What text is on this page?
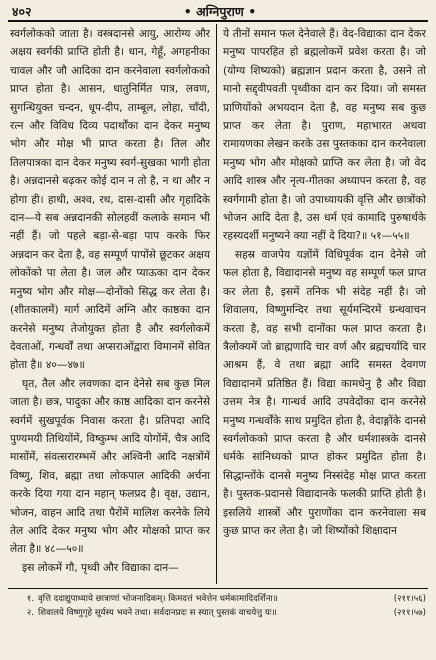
४०२	• अग्निपुराण •

स्वर्गलोकको जाता है। वस्त्रदानसे आयु, आरोग्य और अक्षय स्वर्गकी प्राप्ति होती है। धान, गेहूँ, अगहनीका चावल और जौ आदिका दान करनेवाला स्वर्गलोकको प्राप्त होता है। आसन, धातुनिर्मित पात्र, लवण, सुगन्धियुक्त चन्दन, धूप-दीप, ताम्बूल, लोहा, चाँदी, रत्न और विविध दिव्य पदार्थोंका दान देकर मनुष्य भोग और मोक्ष भी प्राप्त करता है। तिल और तिलपात्रका दान देकर मनुष्य स्वर्ग-सुखका भागी होता है। अन्नदानसे बढ़कर कोई दान न तो है, न था और न होगा ही। हाथी, अश्व, रथ, दास-दासी और गृहादिके दान—ये सब अन्नदानकी सोलहवीं कलाके समान भी नहीं हैं। जो पहले बड़ा-से-बड़ा पाप करके फिर अन्नदान कर देता है, वह सम्पूर्ण पापोंसे छूटकर अक्षय लोकोंको पा लेता है। जल और प्याऊका दान देकर मनुष्य भोग और मोक्ष—दोनोंको सिद्ध कर लेता है। (शीतकालमें) मार्ग आदिमें अग्नि और काष्ठका दान करनेसे मनुष्य तेजोयुक्त होता है और स्वर्गलोकमें देवताओं, गन्धर्वों तथा अप्सराओंद्वारा विमानमें सेवित होता है॥ ४०—४७॥

घृत, तैल और लवणका दान देनेसे सब कुछ मिल जाता है। छत्र, पादुका और काष्ठ आदिका दान करनेसे स्वर्गमें सुखपूर्वक निवास करता है। प्रतिपदा आदि पुण्यमयी तिथियोंमें, विष्कुम्भ आदि योगोंमें, चैत्र आदि मासोंमें, संवत्सरारम्भमें और अश्विनी आदि नक्षत्रोंमें विष्णु, शिव, ब्रह्मा तथा लोकपाल आदिकी अर्चना करके दिया गया दान महान् फलप्रद है। वृक्ष, उद्यान, भोजन, वाहन आदि तथा पैरोंमें मालिश करनेके लिये तेल आदि देकर मनुष्य भोग और मोक्षको प्राप्त कर लेता है॥ ४८—५०॥

इस लोकमें गौ, पृथ्वी और विद्याका दान—

ये तीनों समान फल देनेवाले हैं। वेद-विद्याका दान देकर मनुष्य पापरहित हो ब्रह्मलोकमें प्रवेश करता है। जो (योग्य शिष्यको) ब्रह्मज्ञान प्रदान करता है, उसने तो मानो सद्द्वीपवती पृथ्वीका दान कर दिया। जो समस्त प्राणियोंको अभयदान देता है, वह मनुष्य सब कुछ प्राप्त कर लेता है। पुराण, महाभारत अथवा रामायणका लेखन करके उस पुस्तकका दान करनेवाला मनुष्य भोग और मोक्षको प्राप्ति कर लेता है। जो वेद आदि शास्त्र और नृत्य-गीतका अध्यापन करता है, वह स्वर्गगामी होता है। जो उपाध्यायकी वृत्ति और छात्रोंको भोजन आदि देता है, उस धर्म एवं कामादि पुरुषार्थके रहस्यदर्शी मनुष्यने क्या नहीं दे दिया?॥ ५१—५५॥

सहस्र वाजपेय यज्ञोंमें विधिपूर्वक दान देनेसे जो फल होता है, विद्यादानसे मनुष्य वह सम्पूर्ण फल प्राप्त कर लेता है, इसमें तनिक भी संदेह नहीं है। जो शिवालय, विष्णुमन्दिर तथा सूर्यमन्दिरमें ग्रन्थवाचन करता है, वह सभी दानोंका फल प्राप्त करता है। त्रैलोक्यमें जो ब्राह्मणादि चार वर्ण और ब्रह्मचर्यादि चार आश्रम हैं, वे तथा ब्रह्मा आदि समस्त देवगण विद्यादानमें प्रतिष्ठित हैं। विद्या कामधेनु है और विद्या उत्तम नेत्र है। गान्धर्व आदि उपवेदोंका दान करनेसे मनुष्य गन्धर्वोंके साथ प्रमुदित होता है, वेदाङ्गोंके दानसे स्वर्गलोकको प्राप्त करता है और धर्मशास्त्रके दानसे धर्मके सांनिध्यको प्राप्त होकर प्रमुदित होता है। सिद्धान्तोंके दानसे मनुष्य निस्संदेह मोक्ष प्राप्त करता है। पुस्तक-प्रदानसे विद्यादानके फलकी प्राप्ति होती है। इसलिये शास्त्रों और पुराणोंका दान करनेवाला सब कुछ प्राप्त कर लेता है। जो शिष्योंको शिक्षादान

१. वृत्ति ददाद्युपाध्याये छात्राणां भोजनादिकम्। किमदत्तं भवेत्तेन धर्मकामादिदर्शिना॥	(२११।५६)
२. शिवालये विष्णुगृहे सूर्यस्य भवने तथा। सर्वदानप्रदः स स्यात् पुस्तकं वाचयेत्तु यः॥	(२११।५७)
